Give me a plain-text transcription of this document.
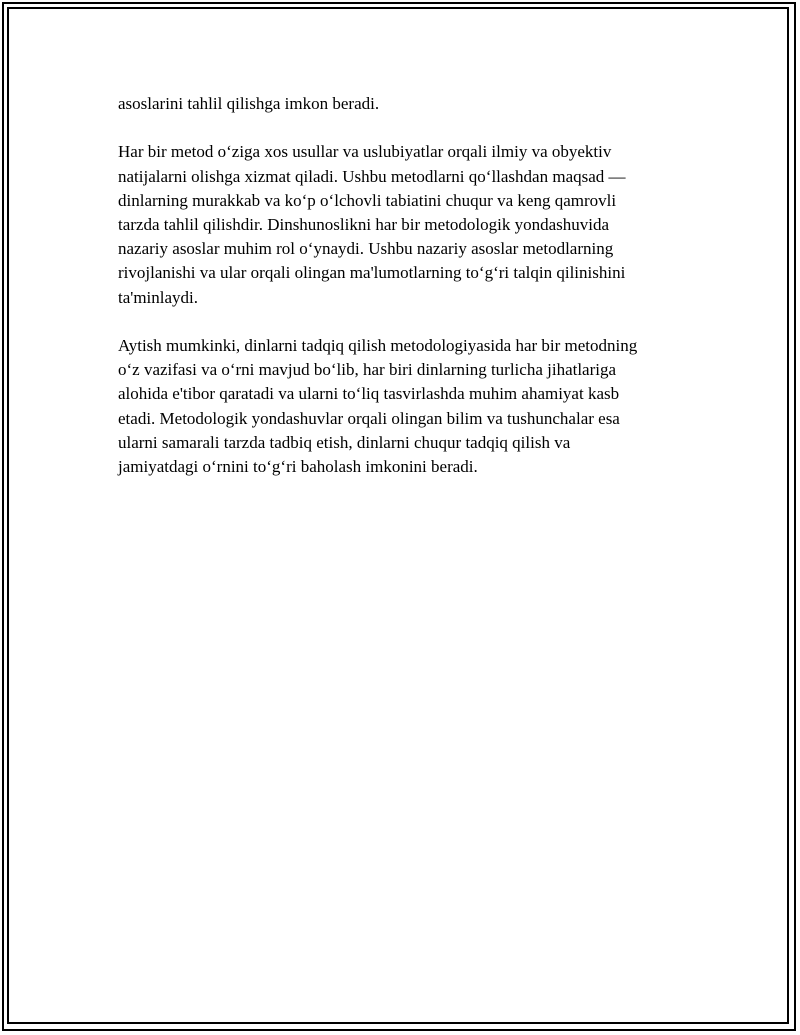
asoslarini tahlil qilishga imkon beradi.

Har bir metod o‘ziga xos usullar va uslubiyatlar orqali ilmiy va obyektiv
natijalarni olishga xizmat qiladi. Ushbu metodlarni qo‘llashdan maqsad —
dinlarning murakkab va ko‘p o‘lchovli tabiatini chuqur va keng qamrovli
tarzda tahlil qilishdir. Dinshunoslikni har bir metodologik yondashuvida
nazariy asoslar muhim rol o‘ynaydi. Ushbu nazariy asoslar metodlarning
rivojlanishi va ular orqali olingan ma'lumotlarning to‘g‘ri talqin qilinishini
ta'minlaydi.

Aytish mumkinki, dinlarni tadqiq qilish metodologiyasida har bir metodning
o‘z vazifasi va o‘rni mavjud bo‘lib, har biri dinlarning turlicha jihatlariga
alohida e'tibor qaratadi va ularni to‘liq tasvirlashda muhim ahamiyat kasb
etadi. Metodologik yondashuvlar orqali olingan bilim va tushunchalar esa
ularni samarali tarzda tadbiq etish, dinlarni chuqur tadqiq qilish va
jamiyatdagi o‘rnini to‘g‘ri baholash imkonini beradi.
